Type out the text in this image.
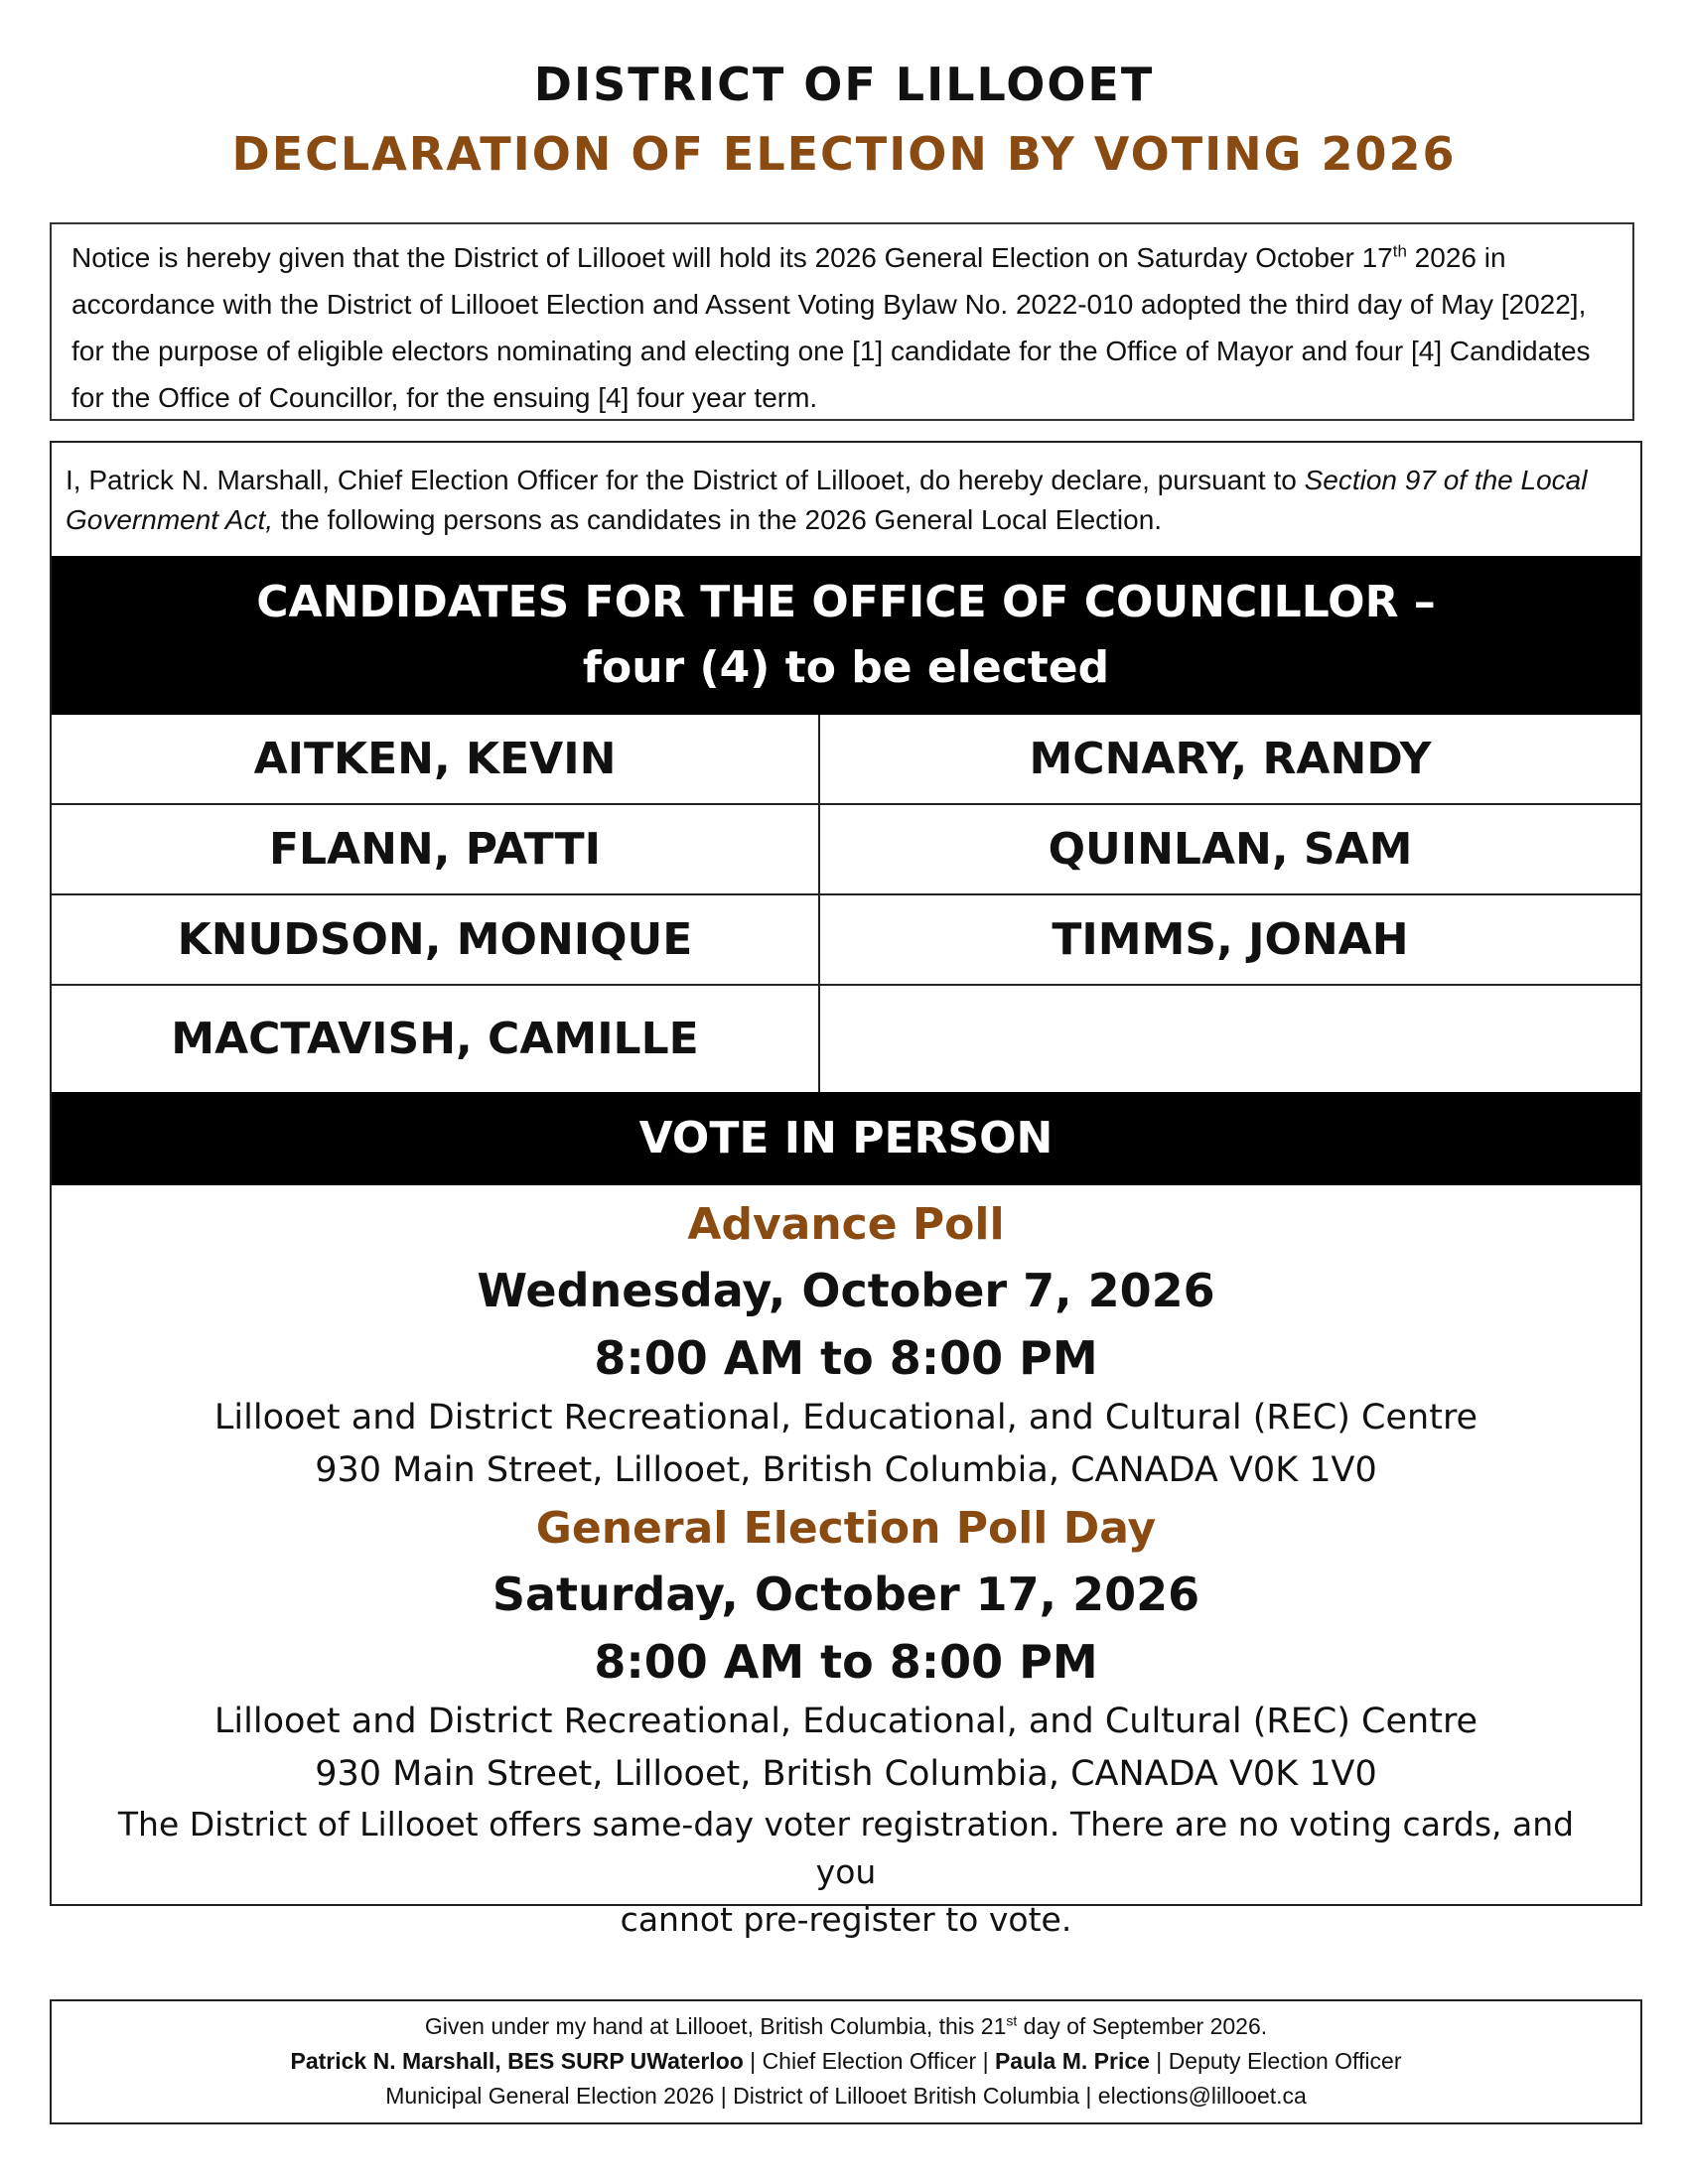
DISTRICT OF LILLOOET
DECLARATION OF ELECTION BY VOTING 2026
Notice is hereby given that the District of Lillooet will hold its 2026 General Election on Saturday October 17th 2026 in accordance with the District of Lillooet Election and Assent Voting Bylaw No. 2022-010 adopted the third day of May [2022], for the purpose of eligible electors nominating and electing one [1] candidate for the Office of Mayor and four [4] Candidates for the Office of Councillor, for the ensuing [4] four year term.
I, Patrick N. Marshall, Chief Election Officer for the District of Lillooet, do hereby declare, pursuant to Section 97 of the Local Government Act, the following persons as candidates in the 2026 General Local Election.
CANDIDATES FOR THE OFFICE OF COUNCILLOR –
four (4) to be elected
AITKEN, KEVIN	MCNARY, RANDY
FLANN, PATTI	QUINLAN, SAM
KNUDSON, MONIQUE	TIMMS, JONAH
MACTAVISH, CAMILLE
VOTE IN PERSON
Advance Poll
Wednesday, October 7, 2026
8:00 AM to 8:00 PM
Lillooet and District Recreational, Educational, and Cultural (REC) Centre
930 Main Street, Lillooet, British Columbia, CANADA V0K 1V0
General Election Poll Day
Saturday, October 17, 2026
8:00 AM to 8:00 PM
Lillooet and District Recreational, Educational, and Cultural (REC) Centre
930 Main Street, Lillooet, British Columbia, CANADA V0K 1V0
The District of Lillooet offers same-day voter registration. There are no voting cards, and you
cannot pre-register to vote.
Given under my hand at Lillooet, British Columbia, this 21st day of September 2026.
Patrick N. Marshall, BES SURP UWaterloo | Chief Election Officer | Paula M. Price | Deputy Election Officer
Municipal General Election 2026 | District of Lillooet British Columbia | elections@lillooet.ca
